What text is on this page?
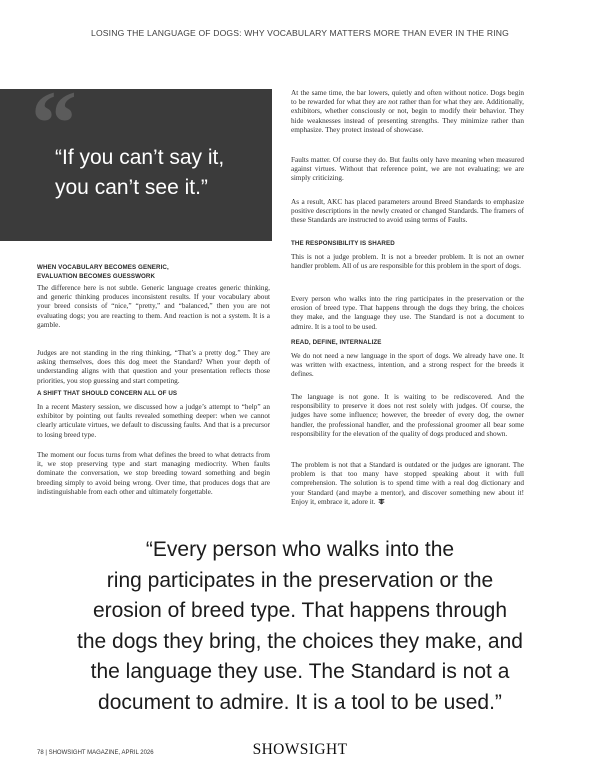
LOSING THE LANGUAGE OF DOGS: WHY VOCABULARY MATTERS MORE THAN EVER IN THE RING
“
“If you can’t say it,
you can’t see it.”
WHEN VOCABULARY BECOMES GENERIC,
EVALUATION BECOMES GUESSWORK

The difference here is not subtle. Generic language creates generic thinking, and generic thinking produces inconsistent results. If your vocabulary about your breed consists of “nice,” “pretty,” and “balanced,” then you are not evaluating dogs; you are reacting to them. And reaction is not a system. It is a gamble.

Judges are not standing in the ring thinking, “That’s a pretty dog.” They are asking themselves, does this dog meet the Standard? When your depth of understanding aligns with that question and your presentation reflects those priorities, you stop guessing and start competing.

A SHIFT THAT SHOULD CONCERN ALL OF US

In a recent Mastery session, we discussed how a judge’s attempt to “help” an exhibitor by pointing out faults revealed something deeper: when we cannot clearly articulate virtues, we default to discussing faults. And that is a precursor to losing breed type.

The moment our focus turns from what defines the breed to what detracts from it, we stop preserving type and start managing mediocrity. When faults dominate the conversation, we stop breeding toward something and begin breeding simply to avoid being wrong. Over time, that produces dogs that are indistinguishable from each other and ultimately forgettable.

At the same time, the bar lowers, quietly and often without notice. Dogs begin to be rewarded for what they are not rather than for what they are. Additionally, exhibitors, whether consciously or not, begin to modify their behavior. They hide weaknesses instead of presenting strengths. They minimize rather than emphasize. They protect instead of showcase.

Faults matter. Of course they do. But faults only have meaning when measured against virtues. Without that reference point, we are not evaluating; we are simply criticizing.

As a result, AKC has placed parameters around Breed Standards to emphasize positive descriptions in the newly created or changed Standards. The framers of these Standards are instructed to avoid using terms of Faults.

THE RESPONSIBILITY IS SHARED

This is not a judge problem. It is not a breeder problem. It is not an owner handler problem. All of us are responsible for this problem in the sport of dogs.

Every person who walks into the ring participates in the preservation or the erosion of breed type. That happens through the dogs they bring, the choices they make, and the language they use. The Standard is not a document to admire. It is a tool to be used.

READ, DEFINE, INTERNALIZE

We do not need a new language in the sport of dogs. We already have one. It was written with exactness, intention, and a strong respect for the breeds it defines.

The language is not gone. It is waiting to be rediscovered. And the responsibility to preserve it does not rest solely with judges. Of course, the judges have some influence; however, the breeder of every dog, the owner handler, the professional handler, and the professional groomer all bear some responsibility for the elevation of the quality of dogs produced and shown.

The problem is not that a Standard is outdated or the judges are ignorant. The problem is that too many have stopped speaking about it with full comprehension. The solution is to spend time with a real dog dictionary and your Standard (and maybe a mentor), and discover something new about it! Enjoy it, embrace it, adore it.

“Every person who walks into the
ring participates in the preservation or the
erosion of breed type. That happens through
the dogs they bring, the choices they make, and
the language they use. The Standard is not a
document to admire. It is a tool to be used.”
78 | SHOWSIGHT MAGAZINE, APRIL 2026	SHOWSIGHT
